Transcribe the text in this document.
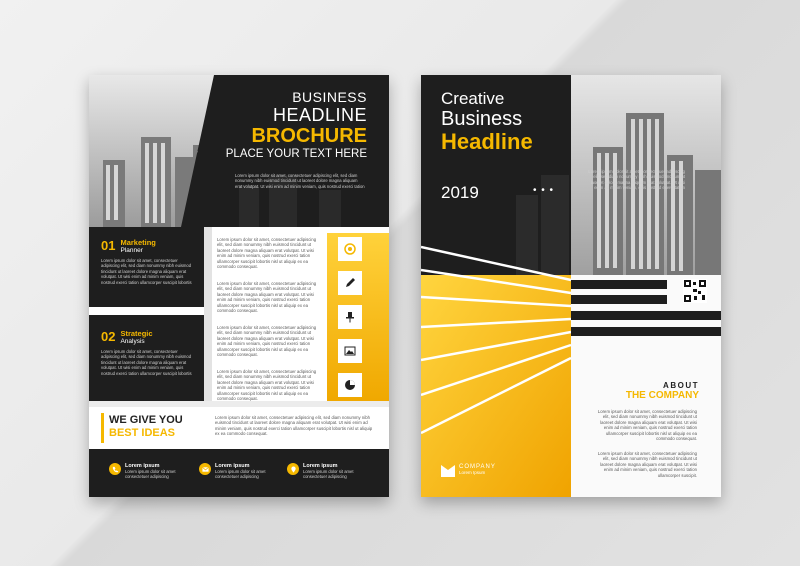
BUSINESS
HEADLINE
BROCHURE
PLACE YOUR TEXT HERE
Lorem ipsum dolor sit amet, consectetuer adipiscing elit, sed diam nonummy nibh euismod tincidunt ut laoreet dolore magna aliquam erat volutpat. Ut wisi enim ad minim veniam, quis nostrud exerci tation
01 Marketing
Planner
Lorem ipsum dolor sit amet, consectetuer adipiscing elit, sed diam nonummy nibh euismod tincidunt ut laoreet dolore magna aliquam erat volutpat. Ut wisi enim ad minim veniam, quis nostrud exerci tation ullamcorper suscipit lobortis
02 Strategic
Analysis
Lorem ipsum dolor sit amet, consectetuer adipiscing elit, sed diam nonummy nibh euismod tincidunt ut laoreet dolore magna aliquam erat volutpat. Ut wisi enim ad minim veniam, quis nostrud exerci tation ullamcorper suscipit lobortis
Lorem ipsum dolor sit amet, consectetuer adipiscing elit, sed diam nonummy nibh euismod tincidunt ut laoreet dolore magna aliquam erat volutpat. Ut wisi enim ad minim veniam, quis nostrud exerci tation ullamcorper suscipit lobortis nisl ut aliquip ex ea commodo consequat.
Lorem ipsum dolor sit amet, consectetuer adipiscing elit, sed diam nonummy nibh euismod tincidunt ut laoreet dolore magna aliquam erat volutpat. Ut wisi enim ad minim veniam, quis nostrud exerci tation ullamcorper suscipit lobortis nisl ut aliquip ex ea commodo consequat.
Lorem ipsum dolor sit amet, consectetuer adipiscing elit, sed diam nonummy nibh euismod tincidunt ut laoreet dolore magna aliquam erat volutpat. Ut wisi enim ad minim veniam, quis nostrud exerci tation ullamcorper suscipit lobortis nisl ut aliquip ex ea commodo consequat.
Lorem ipsum dolor sit amet, consectetuer adipiscing elit, sed diam nonummy nibh euismod tincidunt ut laoreet dolore magna aliquam erat volutpat. Ut wisi enim ad minim veniam, quis nostrud exerci tation ullamcorper suscipit lobortis nisl ut aliquip ex ea commodo consequat.
WE GIVE YOU
BEST IDEAS
Lorem ipsum dolor sit amet, consectetuer adipiscing elit, sed diam nonummy nibh euismod tincidunt ut laoreet dolore magna aliquam erat volutpat. Ut wisi enim ad minim veniam, quis nostrud exerci tation ullamcorper suscipit lobortis nisl ut aliquip ex ea commodo consequat.
Lorem ipsum
Lorem ipsum dolor sit amet consectetuer adipiscing
Lorem ipsum
Lorem ipsum dolor sit amet consectetuer adipiscing
Lorem ipsum
Lorem ipsum dolor sit amet consectetuer adipiscing
Creative
Business
Headline
2019	• • •
Lorem ipsum dolor sit amet, consectetuer adipiscing elit, sed diam nonummy nibh euismod tincidunt ut laoreet dolore magna aliquam erat volutpat. Ut wisi enim ad minim veniam, quis nostrud exerci tation
ABOUT
THE COMPANY
Lorem ipsum dolor sit amet, consectetuer adipiscing elit, sed diam nonummy nibh euismod tincidunt ut laoreet dolore magna aliquam erat volutpat. Ut wisi enim ad minim veniam, quis nostrud exerci tation ullamcorper suscipit lobortis nisl ut aliquip ex ea commodo consequat.
Lorem ipsum dolor sit amet, consectetuer adipiscing elit, sed diam nonummy nibh euismod tincidunt ut laoreet dolore magna aliquam erat volutpat. Ut wisi enim ad minim veniam, quis nostrud exerci tation ullamcorper suscipit.
COMPANY
Lorem Ipsum
